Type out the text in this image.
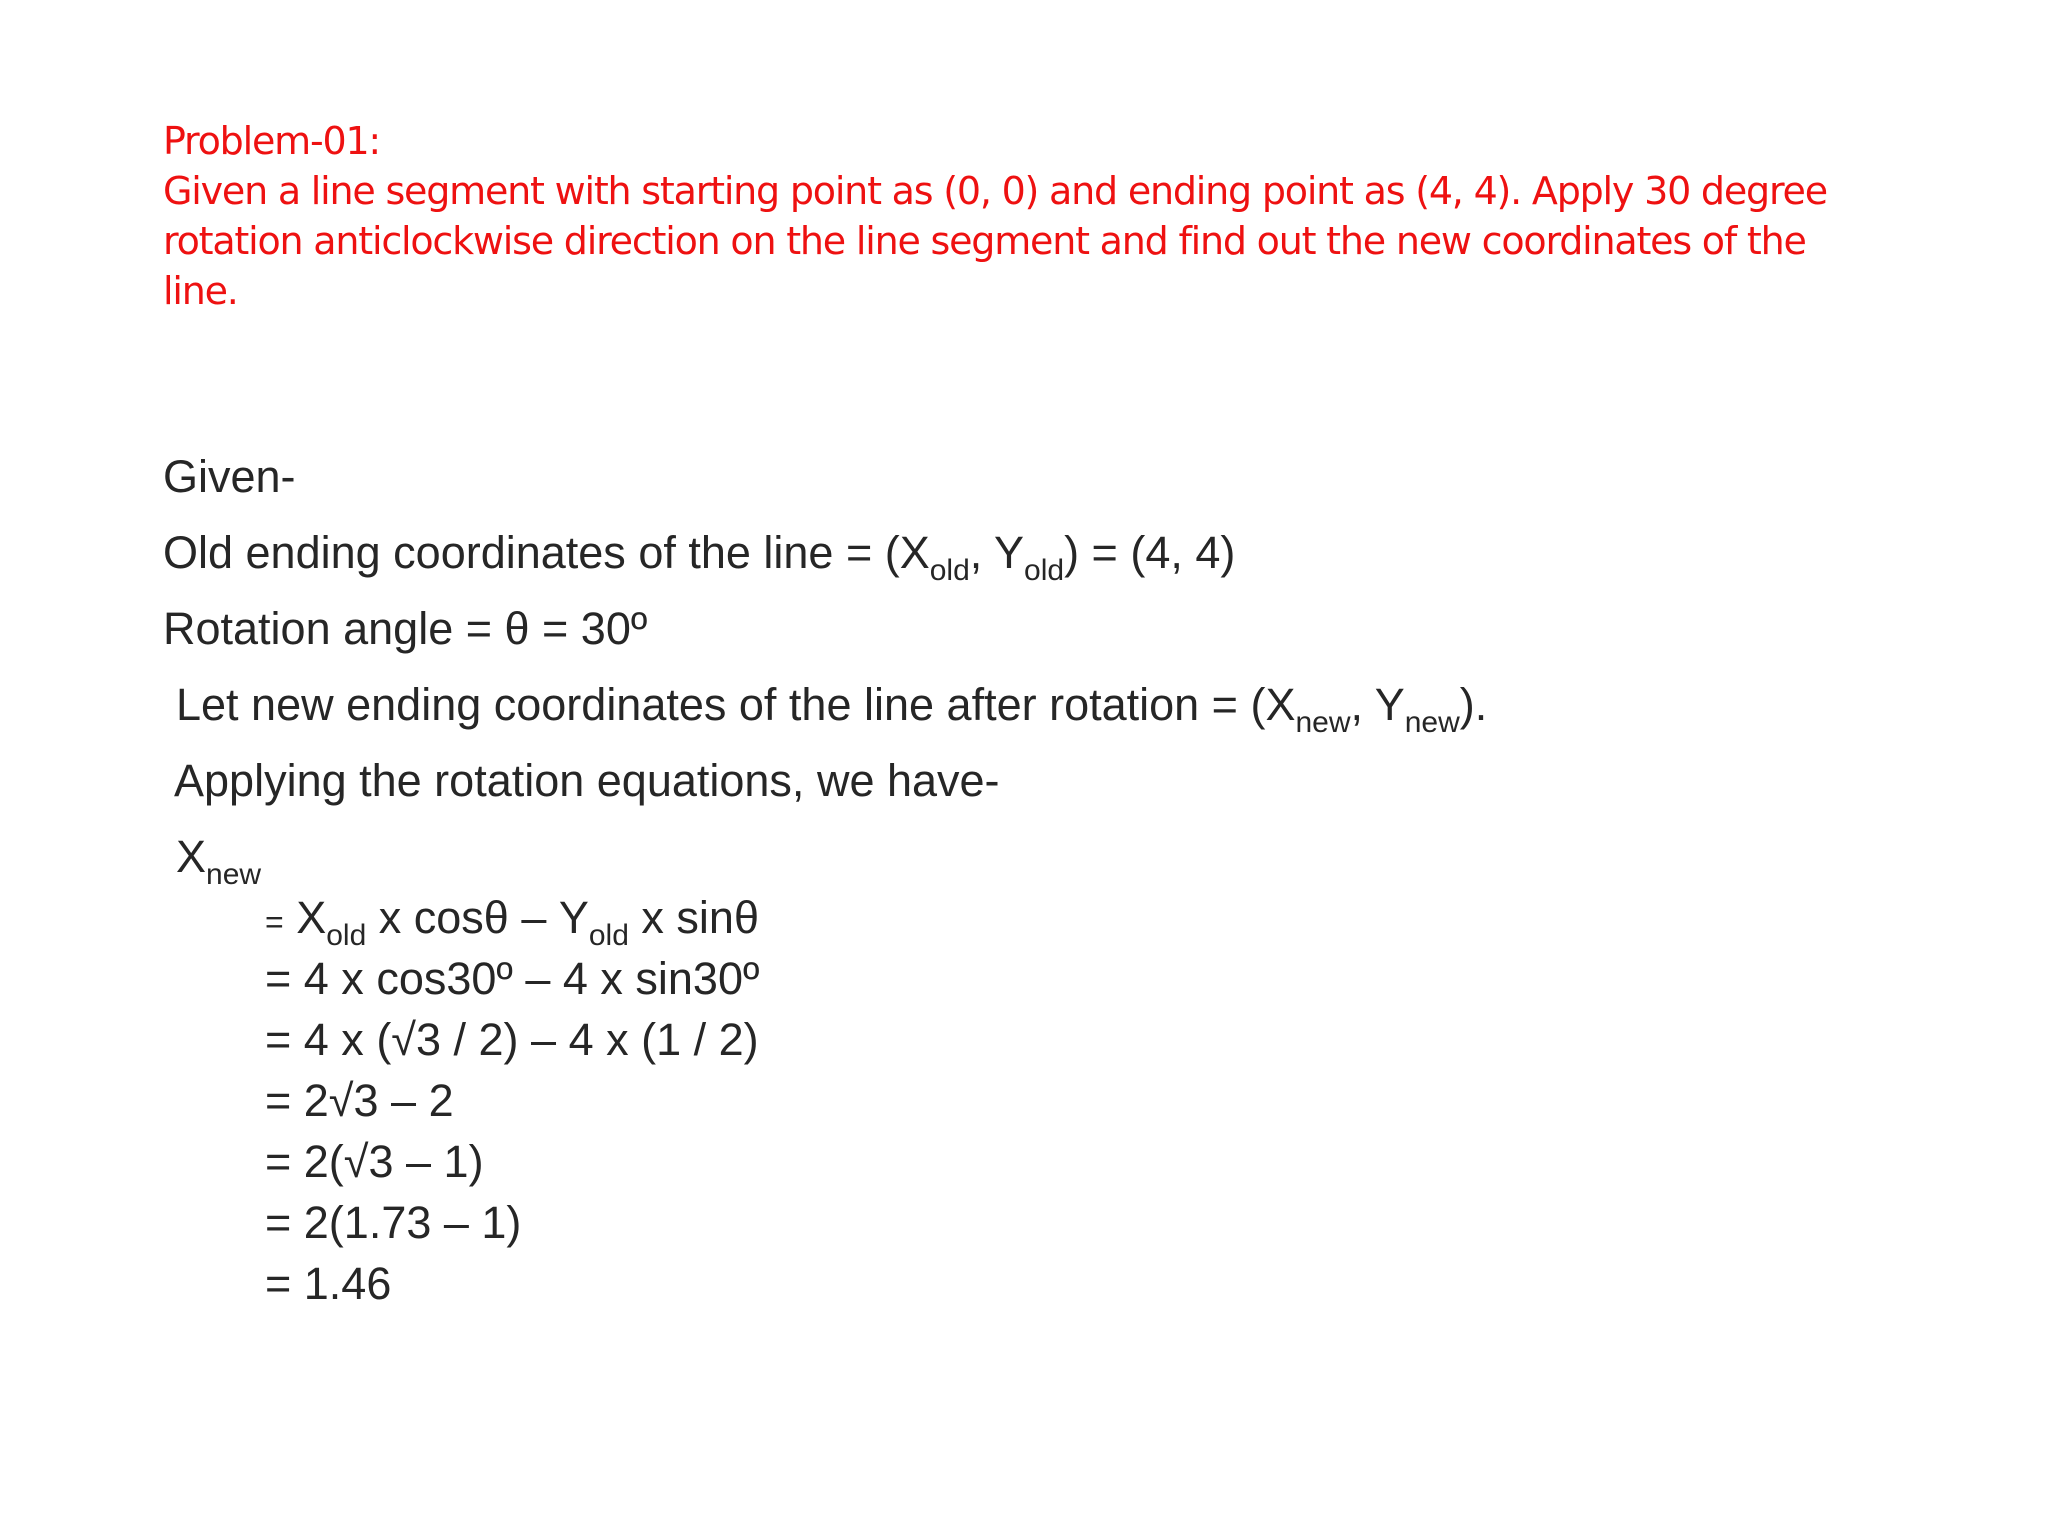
Problem-01:
Given a line segment with starting point as (0, 0) and ending point as (4, 4). Apply 30 degree
rotation anticlockwise direction on the line segment and find out the new coordinates of the
line.
Given-
Old ending coordinates of the line = ($X_{old}$, $Y_{old}) = (4$, 4)
Rotation angle = θ = 30º
Let new ending coordinates of the line after rotation = ($X_{new}$, $Y_{new}$).
Applying the rotation equations, we have-
$X_{new}$
= $X_{old}$ x cosθ – $Y_{old}$ x sinθ
= 4 x cos30º – 4 x sin30º
= 4 x (√3 / 2) – 4 x (1 / 2)
= 2√3 – 2
= 2(√3 – 1)
= 2(1.73 – 1)
= 1.46
